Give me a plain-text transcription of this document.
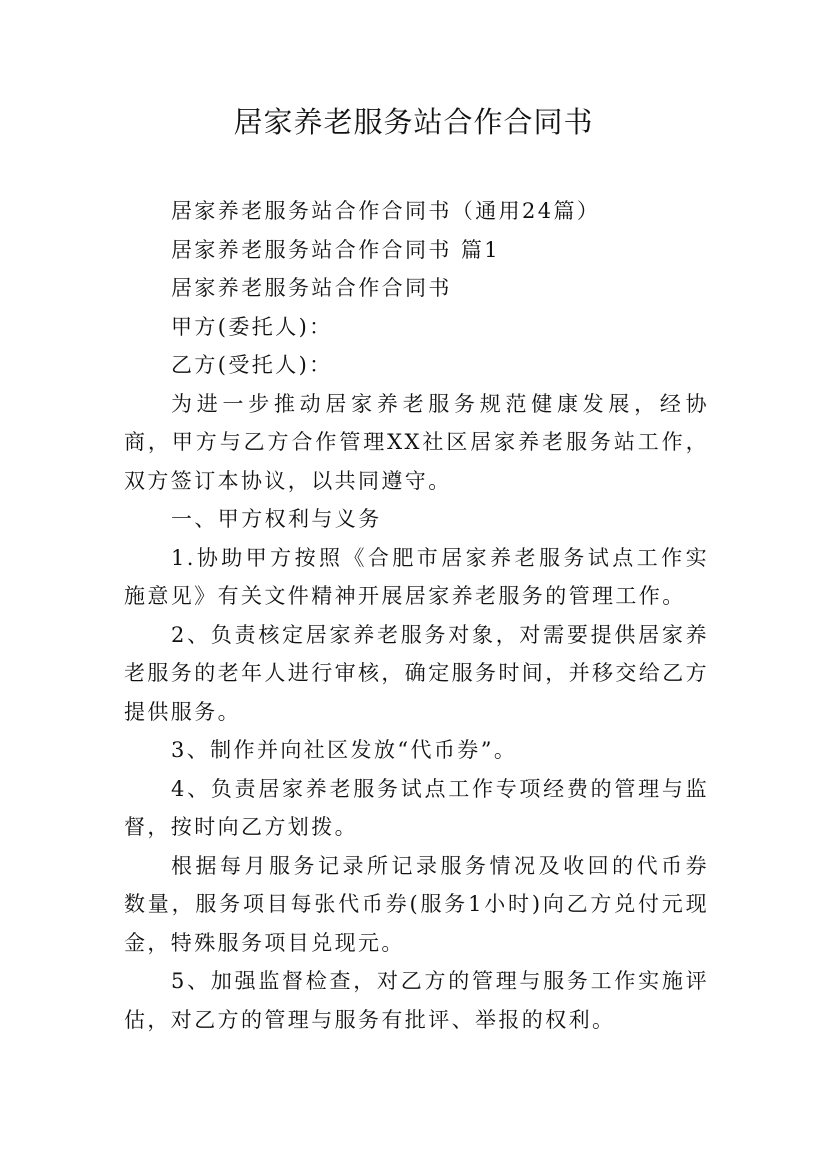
居家养老服务站合作合同书

居家养老服务站合作合同书（通用24篇）

居家养老服务站合作合同书 篇1

居家养老服务站合作合同书

甲方(委托人)：

乙方(受托人)：

为进一步推动居家养老服务规范健康发展，经协商，甲方与乙方合作管理XX社区居家养老服务站工作，双方签订本协议，以共同遵守。

一、甲方权利与义务

1.协助甲方按照《合肥市居家养老服务试点工作实施意见》有关文件精神开展居家养老服务的管理工作。

2、负责核定居家养老服务对象，对需要提供居家养老服务的老年人进行审核，确定服务时间，并移交给乙方提供服务。

3、制作并向社区发放“代币券”。

4、负责居家养老服务试点工作专项经费的管理与监督，按时向乙方划拨。

根据每月服务记录所记录服务情况及收回的代币券数量，服务项目每张代币券(服务1小时)向乙方兑付元现金，特殊服务项目兑现元。

5、加强监督检查，对乙方的管理与服务工作实施评估，对乙方的管理与服务有批评、举报的权利。
